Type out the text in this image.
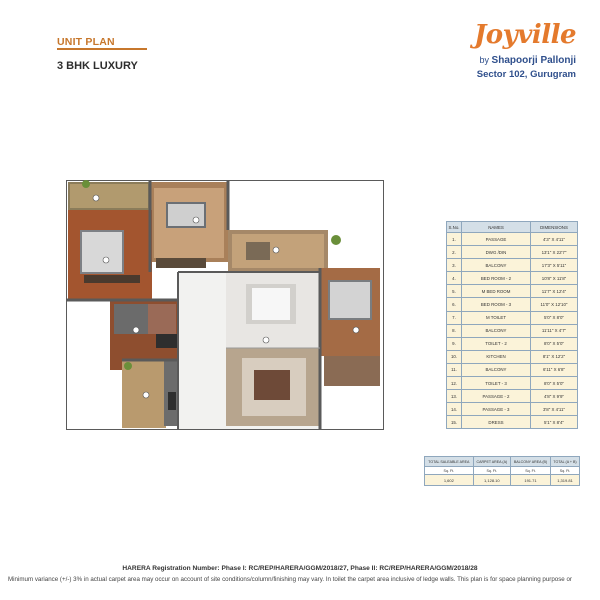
UNIT PLAN
3 BHK LUXURY
Joyville
by Shapoorji Pallonji
Sector 102, Gurugram
S.No.	NAMES	DIMENSIONS
1.	PASSAGE	4'3" X 4'11"
2.	DWG /DIN	13'1" X 22'7"
3.	BALCONY	17'3" X 5'11"
4.	BED ROOM - 2	10'8" X 11'8"
5.	M BED ROOM	11'7" X 12'4"
6.	BED ROOM - 3	11'0" X 12'10"
7.	M TOILET	5'0" X 8'0"
8.	BALCONY	11'11" X 4'7"
9.	TOILET - 2	8'0" X 5'0"
10.	KITCHEN	8'1" X 12'2"
11.	BALCONY	6'11" X 6'8"
12.	TOILET - 3	8'0" X 5'0"
13.	PASSAGE - 2	4'8" X 9'9"
14.	PASSAGE - 3	3'8" X 4'11"
15.	DRESS	5'1" X 8'4"
TOTAL SALEABLE AREA	CARPET AREA (A)	BALCONY AREA (B)	TOTAL (A + B)
Sq. Ft.	Sq. Ft.	Sq. Ft.	Sq. Ft.
1,602	1,128.10	191.71	1,319.81
HARERA Registration Number: Phase I: RC/REP/HARERA/GGM/2018/27, Phase II: RC/REP/HARERA/GGM/2018/28
Minimum variance (+/-) 3% in actual carpet area may occur on account of site conditions/column/finishing may vary. In toilet the carpet area inclusive of ledge walls. This plan is for space planning purpose or
